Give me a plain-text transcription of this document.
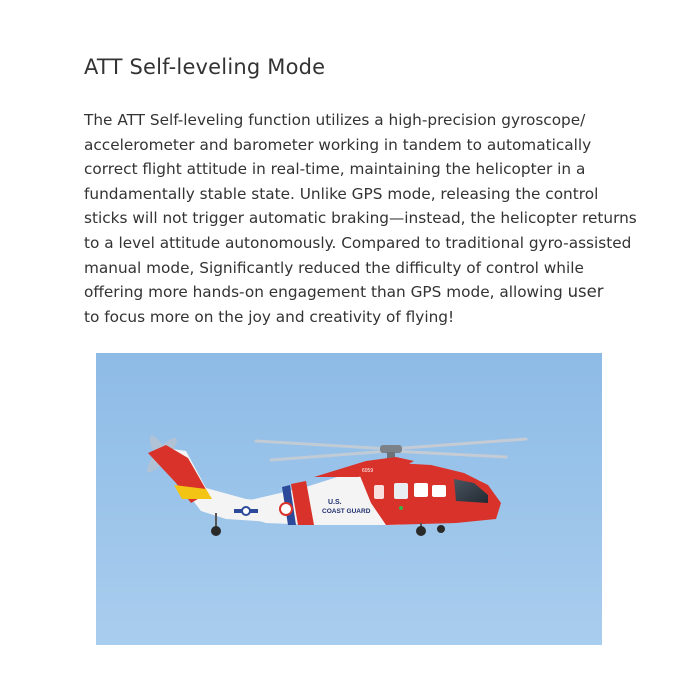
ATT Self-leveling Mode
The ATT Self-leveling function utilizes a high-precision gyroscope/
accelerometer and barometer working in tandem to automatically
correct flight attitude in real-time, maintaining the helicopter in a
fundamentally stable state. Unlike GPS mode, releasing the control
sticks will not trigger automatic braking—instead, the helicopter returns
to a level attitude autonomously. Compared to traditional gyro-assisted
manual mode, Significantly reduced the difficulty of control while
offering more hands-on engagement than GPS mode, allowing user
to focus more on the joy and creativity of flying!
U.S.
COAST GUARD
6059
